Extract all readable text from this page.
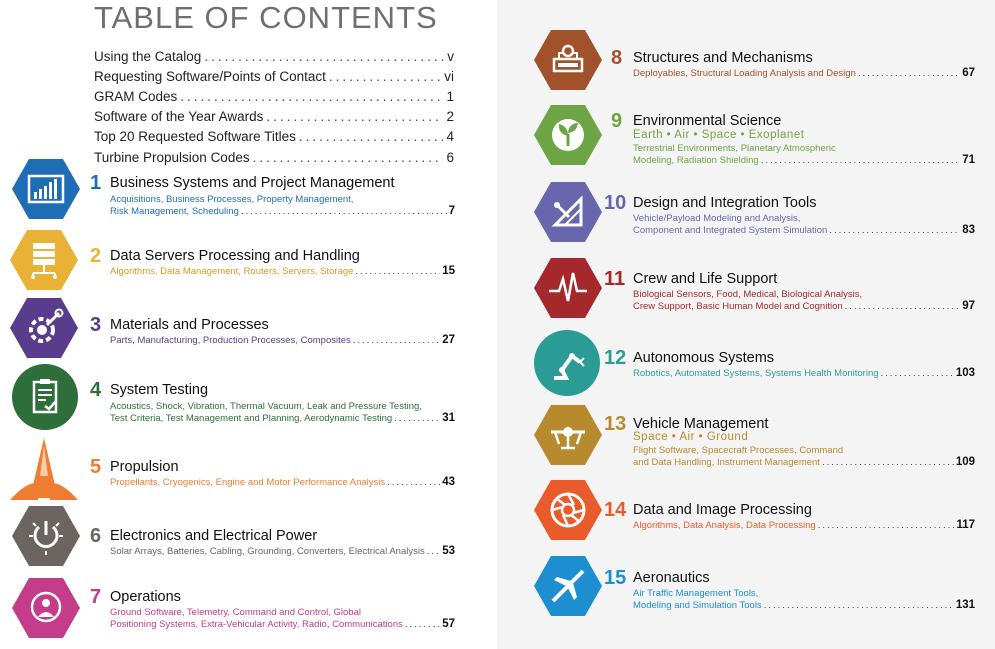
TABLE OF CONTENTS
Using the Catalog .....	v
Requesting Software/Points of Contact .....	vi
GRAM Codes .....	1
Software of the Year Awards .....	2
Top 20 Requested Software Titles .....	4
Turbine Propulsion Codes .....	6
1 Business Systems and Project Management
Acquisitions, Business Processes, Property Management,
Risk Management, Scheduling .....	7
2 Data Servers Processing and Handling
Algorithms, Data Management, Routers, Servers, Storage .....	15
3 Materials and Processes
Parts, Manufacturing, Production Processes, Composites .....	27
4 System Testing
Acoustics, Shock, Vibration, Thermal Vacuum, Leak and Pressure Testing,
Test Criteria, Test Management and Planning, Aerodynamic Testing .....	31
5 Propulsion
Propellants, Cryogenics, Engine and Motor Performance Analysis .....	43
6 Electronics and Electrical Power
Solar Arrays, Batteries, Cabling, Grounding, Converters, Electrical Analysis ..... 53
7 Operations
Ground Software, Telemetry, Command and Control, Global
Positioning Systems, Extra-Vehicular Activity, Radio, Communications .....	57
8 Structures and Mechanisms
Deployables, Structural Loading Analysis and Design .....	67
9 Environmental Science
Earth • Air • Space • Exoplanet
Terrestrial Environments, Planetary Atmospheric
Modeling, Radiation Shielding .....	71
10 Design and Integration Tools
Vehicle/Payload Modeling and Analysis,
Component and Integrated System Simulation .....	83
11 Crew and Life Support
Biological Sensors, Food, Medical, Biological Analysis,
Crew Support, Basic Human Model and Cognition .....	97
12 Autonomous Systems
Robotics, Automated Systems, Systems Health Monitoring .....	103
13 Vehicle Management
Space • Air • Ground
Flight Software, Spacecraft Processes, Command
and Data Handling, Instrument Management .....	109
14 Data and Image Processing
Algorithms, Data Analysis, Data Processing .....	117
15 Aeronautics
Air Traffic Management Tools,
Modeling and Simulation Tools .....	131
